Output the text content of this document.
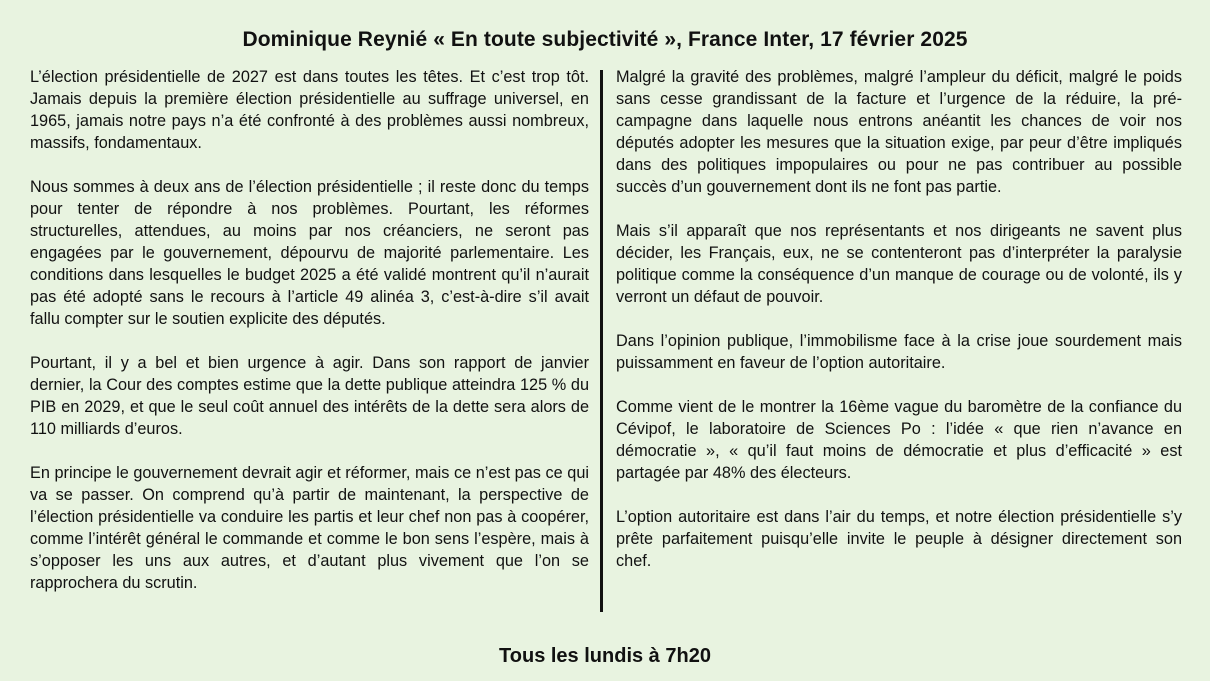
Dominique Reynié « En toute subjectivité », France Inter, 17 février 2025

L’élection présidentielle de 2027 est dans toutes les têtes. Et c’est trop tôt. Jamais depuis la première élection présidentielle au suffrage universel, en 1965, jamais notre pays n’a été confronté à des problèmes aussi nombreux, massifs, fondamentaux.

Nous sommes à deux ans de l’élection présidentielle ; il reste donc du temps pour tenter de répondre à nos problèmes. Pourtant, les réformes structurelles, attendues, au moins par nos créanciers, ne seront pas engagées par le gouvernement, dépourvu de majorité parlementaire. Les conditions dans lesquelles le budget 2025 a été validé montrent qu’il n’aurait pas été adopté sans le recours à l’article 49 alinéa 3, c’est-à-dire s’il avait fallu compter sur le soutien explicite des députés.

Pourtant, il y a bel et bien urgence à agir. Dans son rapport de janvier dernier, la Cour des comptes estime que la dette publique atteindra 125 % du PIB en 2029, et que le seul coût annuel des intérêts de la dette sera alors de 110 milliards d’euros.

En principe le gouvernement devrait agir et réformer, mais ce n’est pas ce qui va se passer. On comprend qu’à partir de maintenant, la perspective de l’élection présidentielle va conduire les partis et leur chef non pas à coopérer, comme l’intérêt général le commande et comme le bon sens l’espère, mais à s’opposer les uns aux autres, et d’autant plus vivement que l’on se rapprochera du scrutin.

Malgré la gravité des problèmes, malgré l’ampleur du déficit, malgré le poids sans cesse grandissant de la facture et l’urgence de la réduire, la pré-campagne dans laquelle nous entrons anéantit les chances de voir nos députés adopter les mesures que la situation exige, par peur d’être impliqués dans des politiques impopulaires ou pour ne pas contribuer au possible succès d’un gouvernement dont ils ne font pas partie.

Mais s’il apparaît que nos représentants et nos dirigeants ne savent plus décider, les Français, eux, ne se contenteront pas d’interpréter la paralysie politique comme la conséquence d’un manque de courage ou de volonté, ils y verront un défaut de pouvoir.

Dans l’opinion publique, l’immobilisme face à la crise joue sourdement mais puissamment en faveur de l’option autoritaire.

Comme vient de le montrer la 16ème vague du baromètre de la confiance du Cévipof, le laboratoire de Sciences Po : l’idée « que rien n’avance en démocratie », « qu’il faut moins de démocratie et plus d’efficacité » est partagée par 48% des électeurs.

L’option autoritaire est dans l’air du temps, et notre élection présidentielle s’y prête parfaitement puisqu’elle invite le peuple à désigner directement son chef.

Tous les lundis à 7h20
